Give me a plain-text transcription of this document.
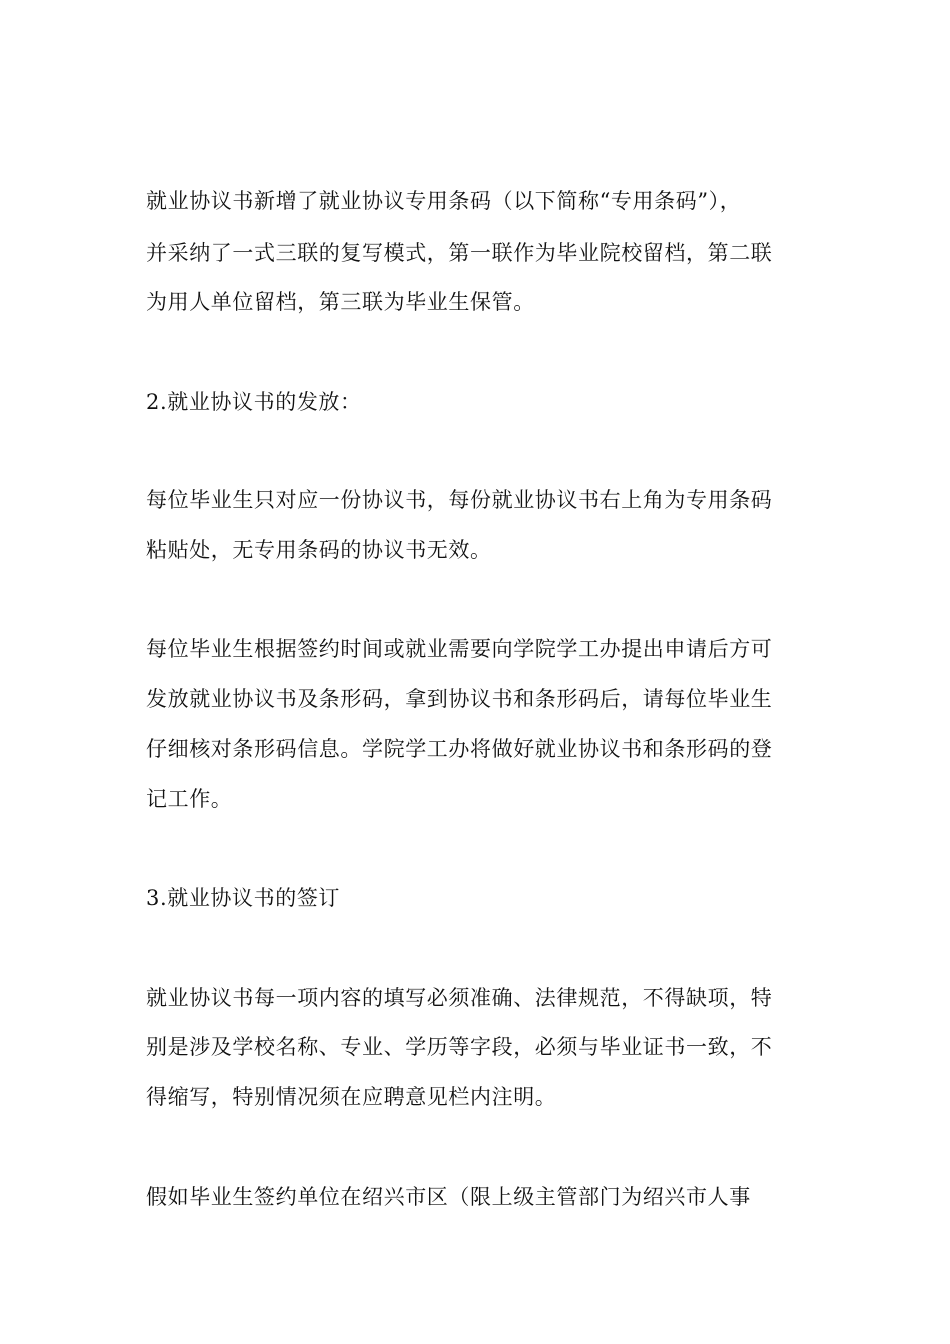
就业协议书新增了就业协议专用条码（以下简称“专用条码”），
并采纳了一式三联的复写模式，第一联作为毕业院校留档，第二联
为用人单位留档，第三联为毕业生保管。
2.就业协议书的发放：
每位毕业生只对应一份协议书，每份就业协议书右上角为专用条码
粘贴处，无专用条码的协议书无效。
每位毕业生根据签约时间或就业需要向学院学工办提出申请后方可
发放就业协议书及条形码，拿到协议书和条形码后，请每位毕业生
仔细核对条形码信息。学院学工办将做好就业协议书和条形码的登
记工作。
3.就业协议书的签订
就业协议书每一项内容的填写必须准确、法律规范，不得缺项，特
别是涉及学校名称、专业、学历等字段，必须与毕业证书一致，不
得缩写，特别情况须在应聘意见栏内注明。
假如毕业生签约单位在绍兴市区（限上级主管部门为绍兴市人事
